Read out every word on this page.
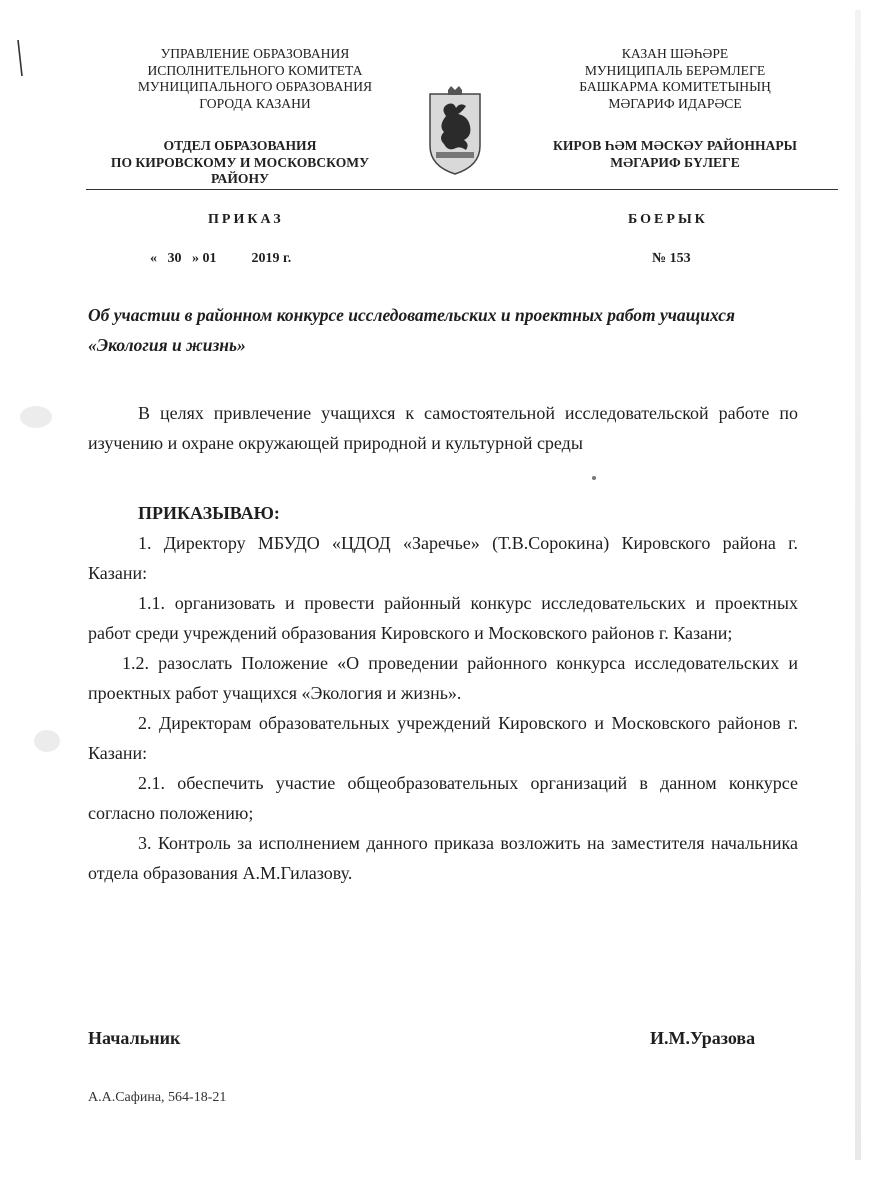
УПРАВЛЕНИЕ ОБРАЗОВАНИЯ
ИСПОЛНИТЕЛЬНОГО КОМИТЕТА
МУНИЦИПАЛЬНОГО ОБРАЗОВАНИЯ
ГОРОДА КАЗАНИ
ОТДЕЛ ОБРАЗОВАНИЯ
ПО КИРОВСКОМУ И МОСКОВСКОМУ
РАЙОНУ
КАЗАН ШӘҺӘРЕ
МУНИЦИПАЛЬ БЕРӘМЛЕГЕ
БАШКАРМА КОМИТЕТЫНЫҢ
МӘГАРИФ ИДАРӘСЕ
КИРОВ ҺӘМ МӘСКӘУ РАЙОННАРЫ
МӘГАРИФ БҮЛЕГЕ
ПРИКАЗ	БОЕРЫК
«   30   » 01          2019 г.	№ 153
Об участии в районном конкурсе исследовательских и проектных работ учащихся «Экология и жизнь»

В целях привлечение учащихся к самостоятельной исследовательской работе по изучению и охране окружающей природной и культурной среды

ПРИКАЗЫВАЮ:

1. Директору МБУДО «ЦДОД «Заречье» (Т.В.Сорокина) Кировского района г. Казани:

1.1. организовать и провести районный конкурс исследовательских и проектных работ среди учреждений образования Кировского и Московского районов г. Казани;

1.2. разослать Положение «О проведении районного конкурса исследовательских и проектных работ учащихся «Экология и жизнь».

2. Директорам образовательных учреждений Кировского и Московского районов г. Казани:

2.1. обеспечить участие общеобразовательных организаций в данном конкурсе согласно положению;

3. Контроль за исполнением данного приказа возложить на заместителя начальника отдела образования А.М.Гилазову.

Начальник	И.М.Уразова
А.А.Сафина, 564-18-21
